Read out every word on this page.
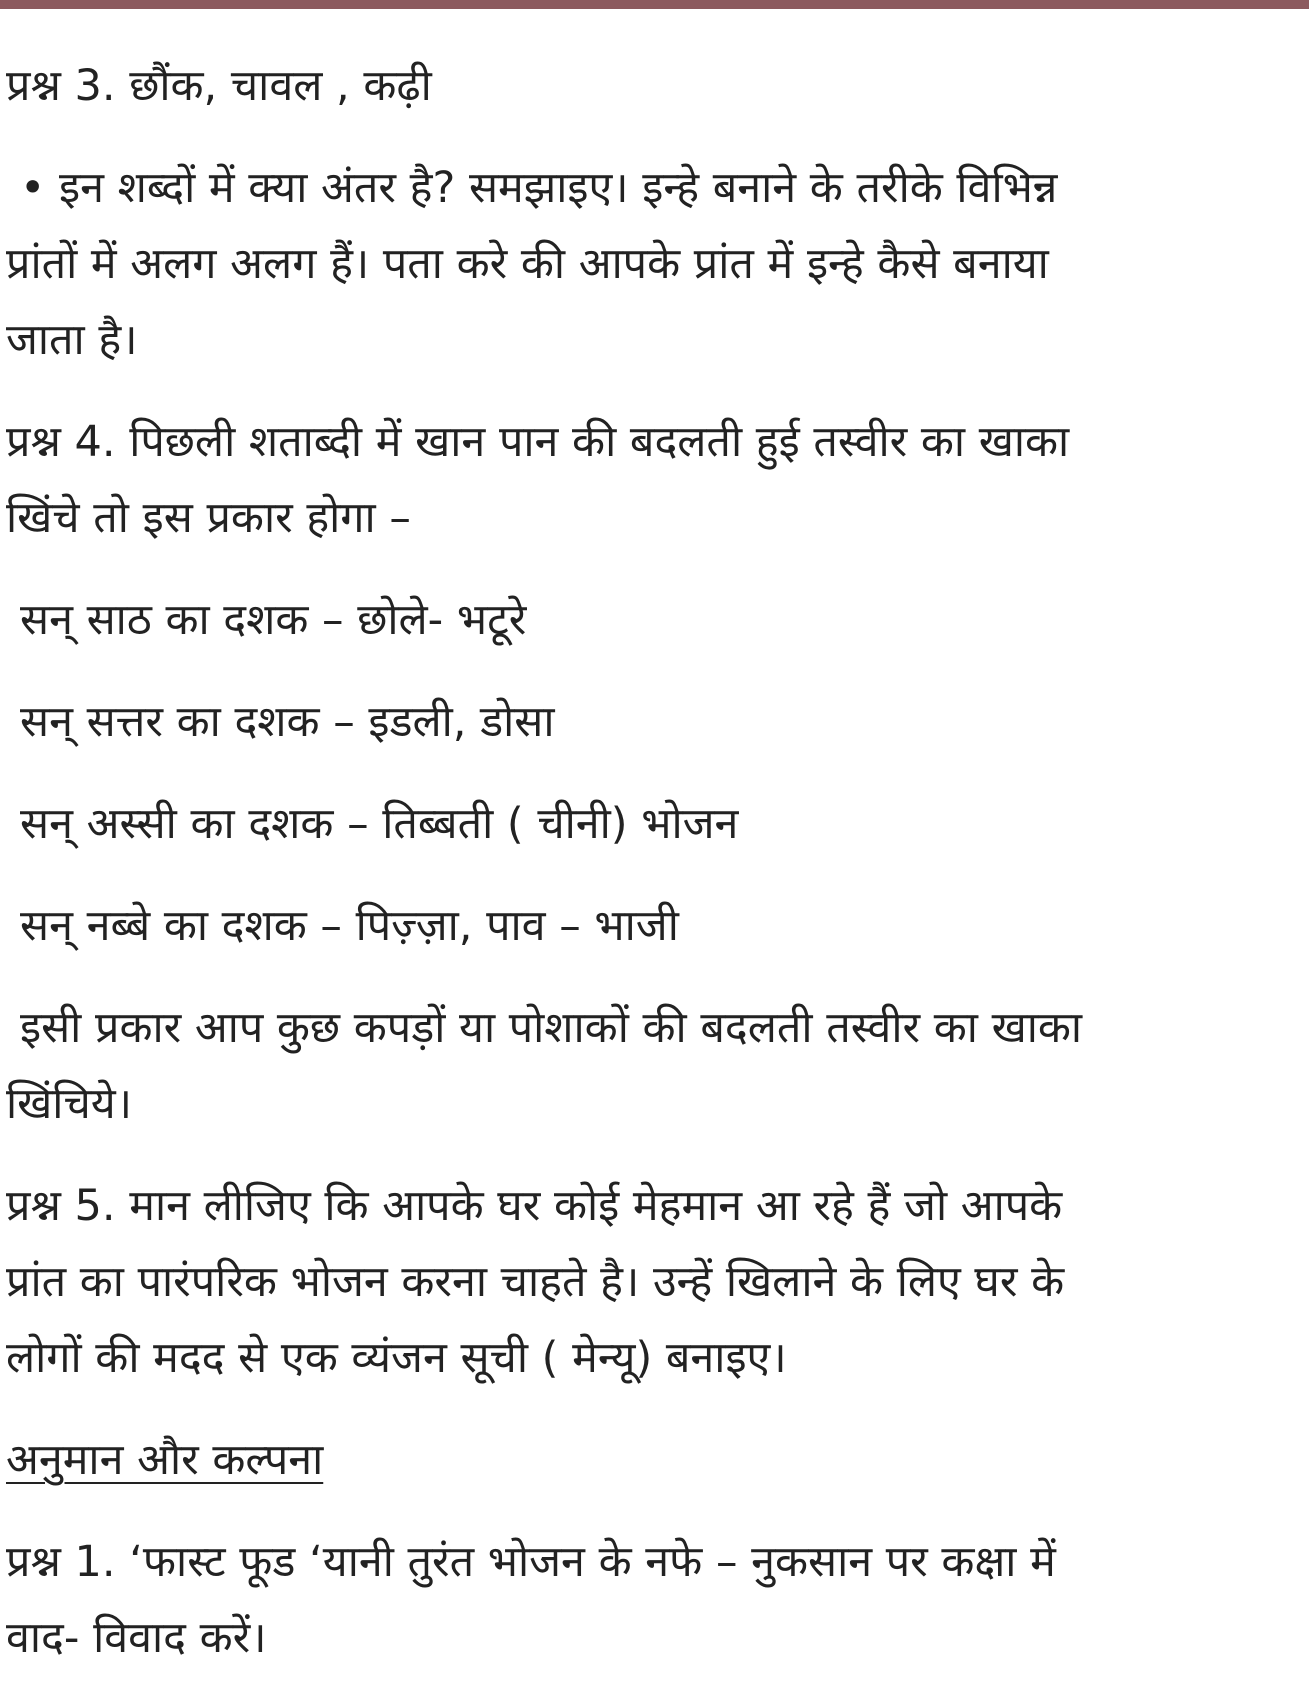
प्रश्न 3. छौंक, चावल , कढ़ी
• इन शब्दों में क्या अंतर है? समझाइए। इन्हे बनाने के तरीके विभिन्न
प्रांतों में अलग अलग हैं। पता करे की आपके प्रांत में इन्हे कैसे बनाया
जाता है।
प्रश्न 4. पिछली शताब्दी में खान पान की बदलती हुई तस्वीर का खाका
खिंचे तो इस प्रकार होगा –
सन् साठ का दशक – छोले- भटूरे
सन् सत्तर का दशक – इडली, डोसा
सन् अस्सी का दशक – तिब्बती ( चीनी) भोजन
सन् नब्बे का दशक – पिज़्ज़ा, पाव – भाजी
इसी प्रकार आप कुछ कपड़ों या पोशाकों की बदलती तस्वीर का खाका
खिंचिये।
प्रश्न 5. मान लीजिए कि आपके घर कोई मेहमान आ रहे हैं जो आपके
प्रांत का पारंपरिक भोजन करना चाहते है। उन्हें खिलाने के लिए घर के
लोगों की मदद से एक व्यंजन सूची ( मेन्यू) बनाइए।
अनुमान और कल्पना
प्रश्न 1. ‘फास्ट फूड ‘यानी तुरंत भोजन के नफे – नुकसान पर कक्षा में
वाद- विवाद करें।
